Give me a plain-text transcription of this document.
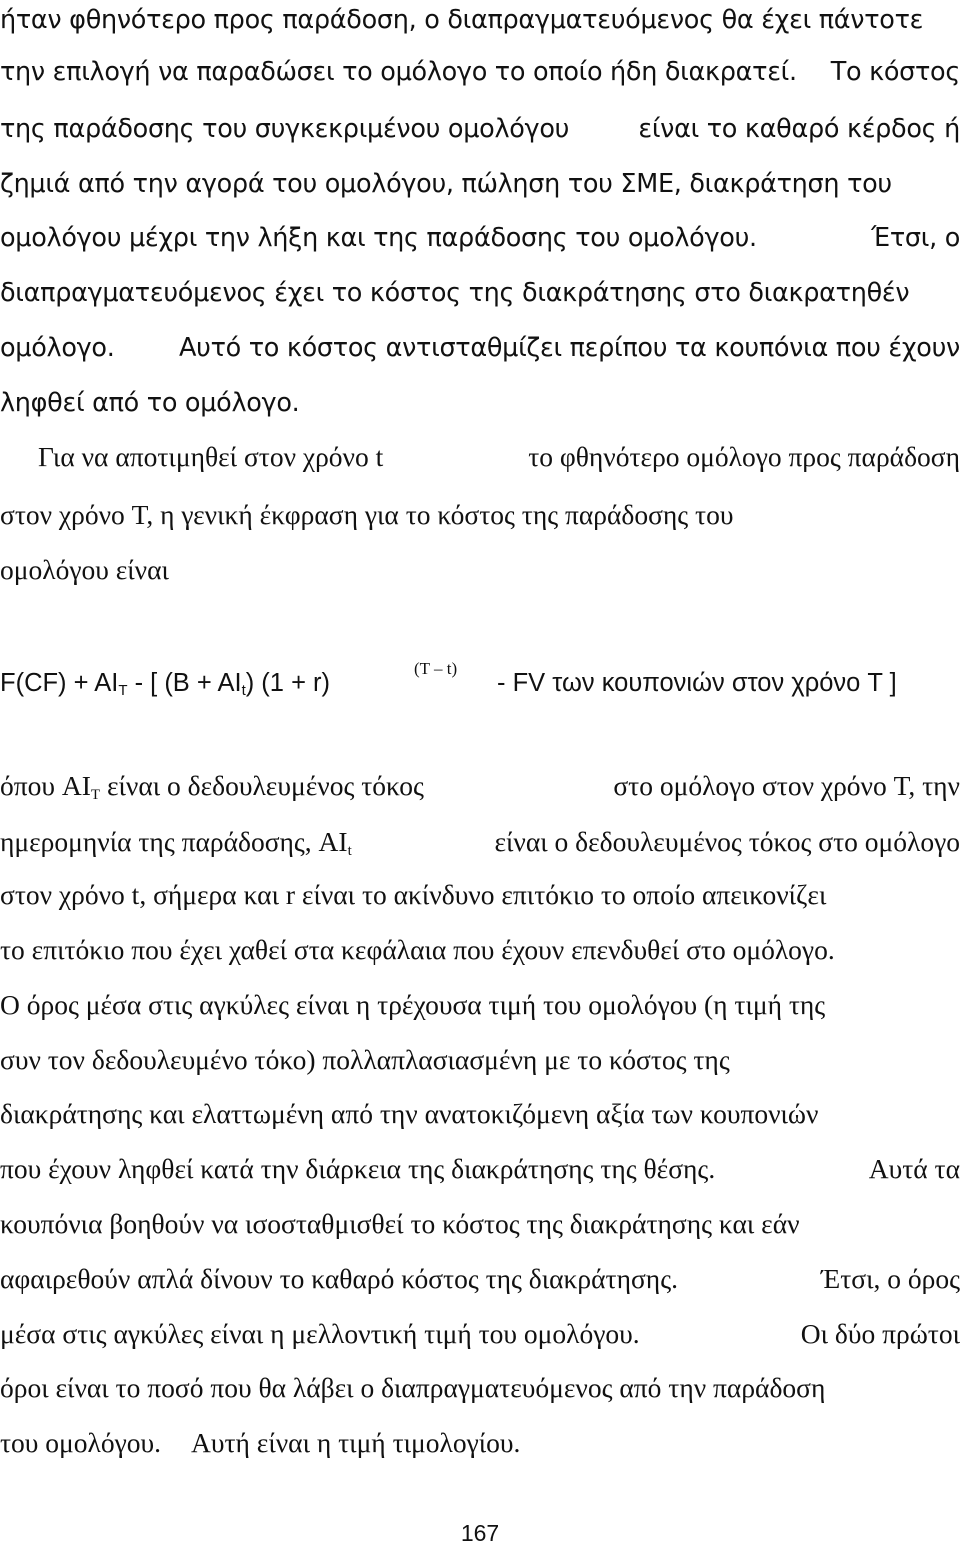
ήταν φθηνότερο προς παράδοση, ο διαπραγματευόμενος θα έχει πάντοτε
την επιλογή να παραδώσει το ομόλογο το οποίο ήδη διακρατεί. Το κόστος
της παράδοσης του συγκεκριμένου ομολόγου	είναι το καθαρό κέρδος ή
ζημιά από την αγορά του ομολόγου, πώληση του ΣΜΕ, διακράτηση του
ομολόγου μέχρι την λήξη και της παράδοσης του ομολόγου.	Έτσι, ο
διαπραγματευόμενος έχει το κόστος της διακράτησης στο διακρατηθέν
ομόλογο.	Αυτό το κόστος αντισταθμίζει περίπου τα κουπόνια που έχουν
ληφθεί από το ομόλογο.
Για να αποτιμηθεί στον χρόνο t	το φθηνότερο ομόλογο προς παράδοση
στον χρόνο T, η γενική έκφραση για το κόστος της παράδοσης του
ομολόγου είναι
$F(CF) + AI_T$ - [ $(B + AI_t)$ (1 + r)
(T – t)
- FV των κουπονιών στον χρόνο T ]
όπου $AI_T$ είναι ο δεδουλευμένος τόκος	στο ομόλογο στον χρόνο T, την
ημερομηνία της παράδοσης, $AI_t$	είναι ο δεδουλευμένος τόκος στο ομόλογο
στον χρόνο t, σήμερα και r είναι το ακίνδυνο επιτόκιο το οποίο απεικονίζει
το επιτόκιο που έχει χαθεί στα κεφάλαια που έχουν επενδυθεί στο ομόλογο.
Ο όρος μέσα στις αγκύλες είναι η τρέχουσα τιμή του ομολόγου (η τιμή της
συν τον δεδουλευμένο τόκο) πολλαπλασιασμένη με το κόστος της
διακράτησης και ελαττωμένη από την ανατοκιζόμενη αξία των κουπονιών
που έχουν ληφθεί κατά την διάρκεια της διακράτησης της θέσης.	Αυτά τα
κουπόνια βοηθούν να ισοσταθμισθεί το κόστος της διακράτησης και εάν
αφαιρεθούν απλά δίνουν το καθαρό κόστος της διακράτησης.	Έτσι, ο όρος
μέσα στις αγκύλες είναι η μελλοντική τιμή του ομολόγου.	Οι δύο πρώτοι
όροι είναι το ποσό που θα λάβει ο διαπραγματευόμενος από την παράδοση
του ομολόγου. Αυτή είναι η τιμή τιμολογίου.
167
